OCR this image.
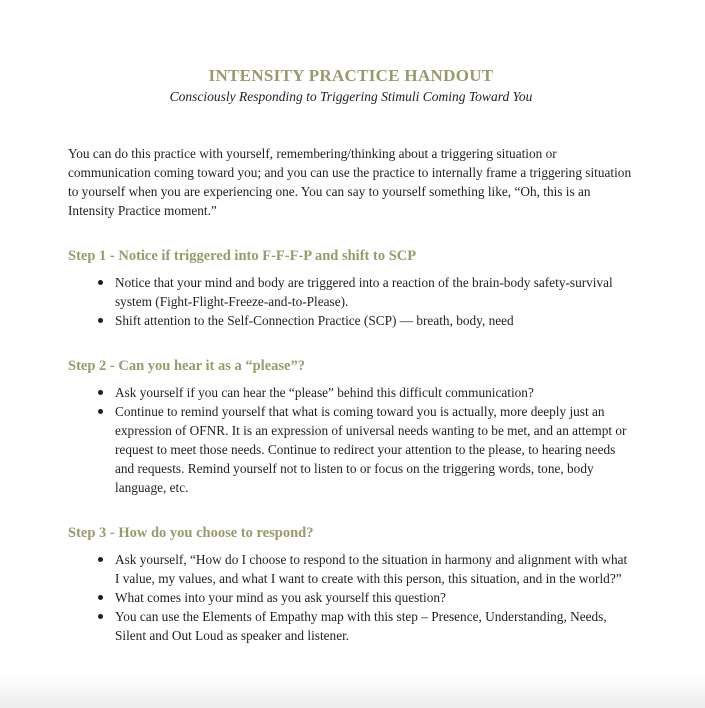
INTENSITY PRACTICE HANDOUT

Consciously Responding to Triggering Stimuli Coming Toward You

You can do this practice with yourself, remembering/thinking about a triggering situation or communication coming toward you; and you can use the practice to internally frame a triggering situation to yourself when you are experiencing one. You can say to yourself something like, “Oh, this is an Intensity Practice moment.”

Step 1 - Notice if triggered into F-F-F-P and shift to SCP
Notice that your mind and body are triggered into a reaction of the brain-body safety-survival system (Fight-Flight-Freeze-and-to-Please).
Shift attention to the Self-Connection Practice (SCP) — breath, body, need
Step 2 - Can you hear it as a “please”?
Ask yourself if you can hear the “please” behind this difficult communication?
Continue to remind yourself that what is coming toward you is actually, more deeply just an expression of OFNR. It is an expression of universal needs wanting to be met, and an attempt or request to meet those needs. Continue to redirect your attention to the please, to hearing needs and requests. Remind yourself not to listen to or focus on the triggering words, tone, body language, etc.
Step 3 - How do you choose to respond?
Ask yourself, “How do I choose to respond to the situation in harmony and alignment with what I value, my values, and what I want to create with this person, this situation, and in the world?”
What comes into your mind as you ask yourself this question?
You can use the Elements of Empathy map with this step – Presence, Understanding, Needs, Silent and Out Loud as speaker and listener.
